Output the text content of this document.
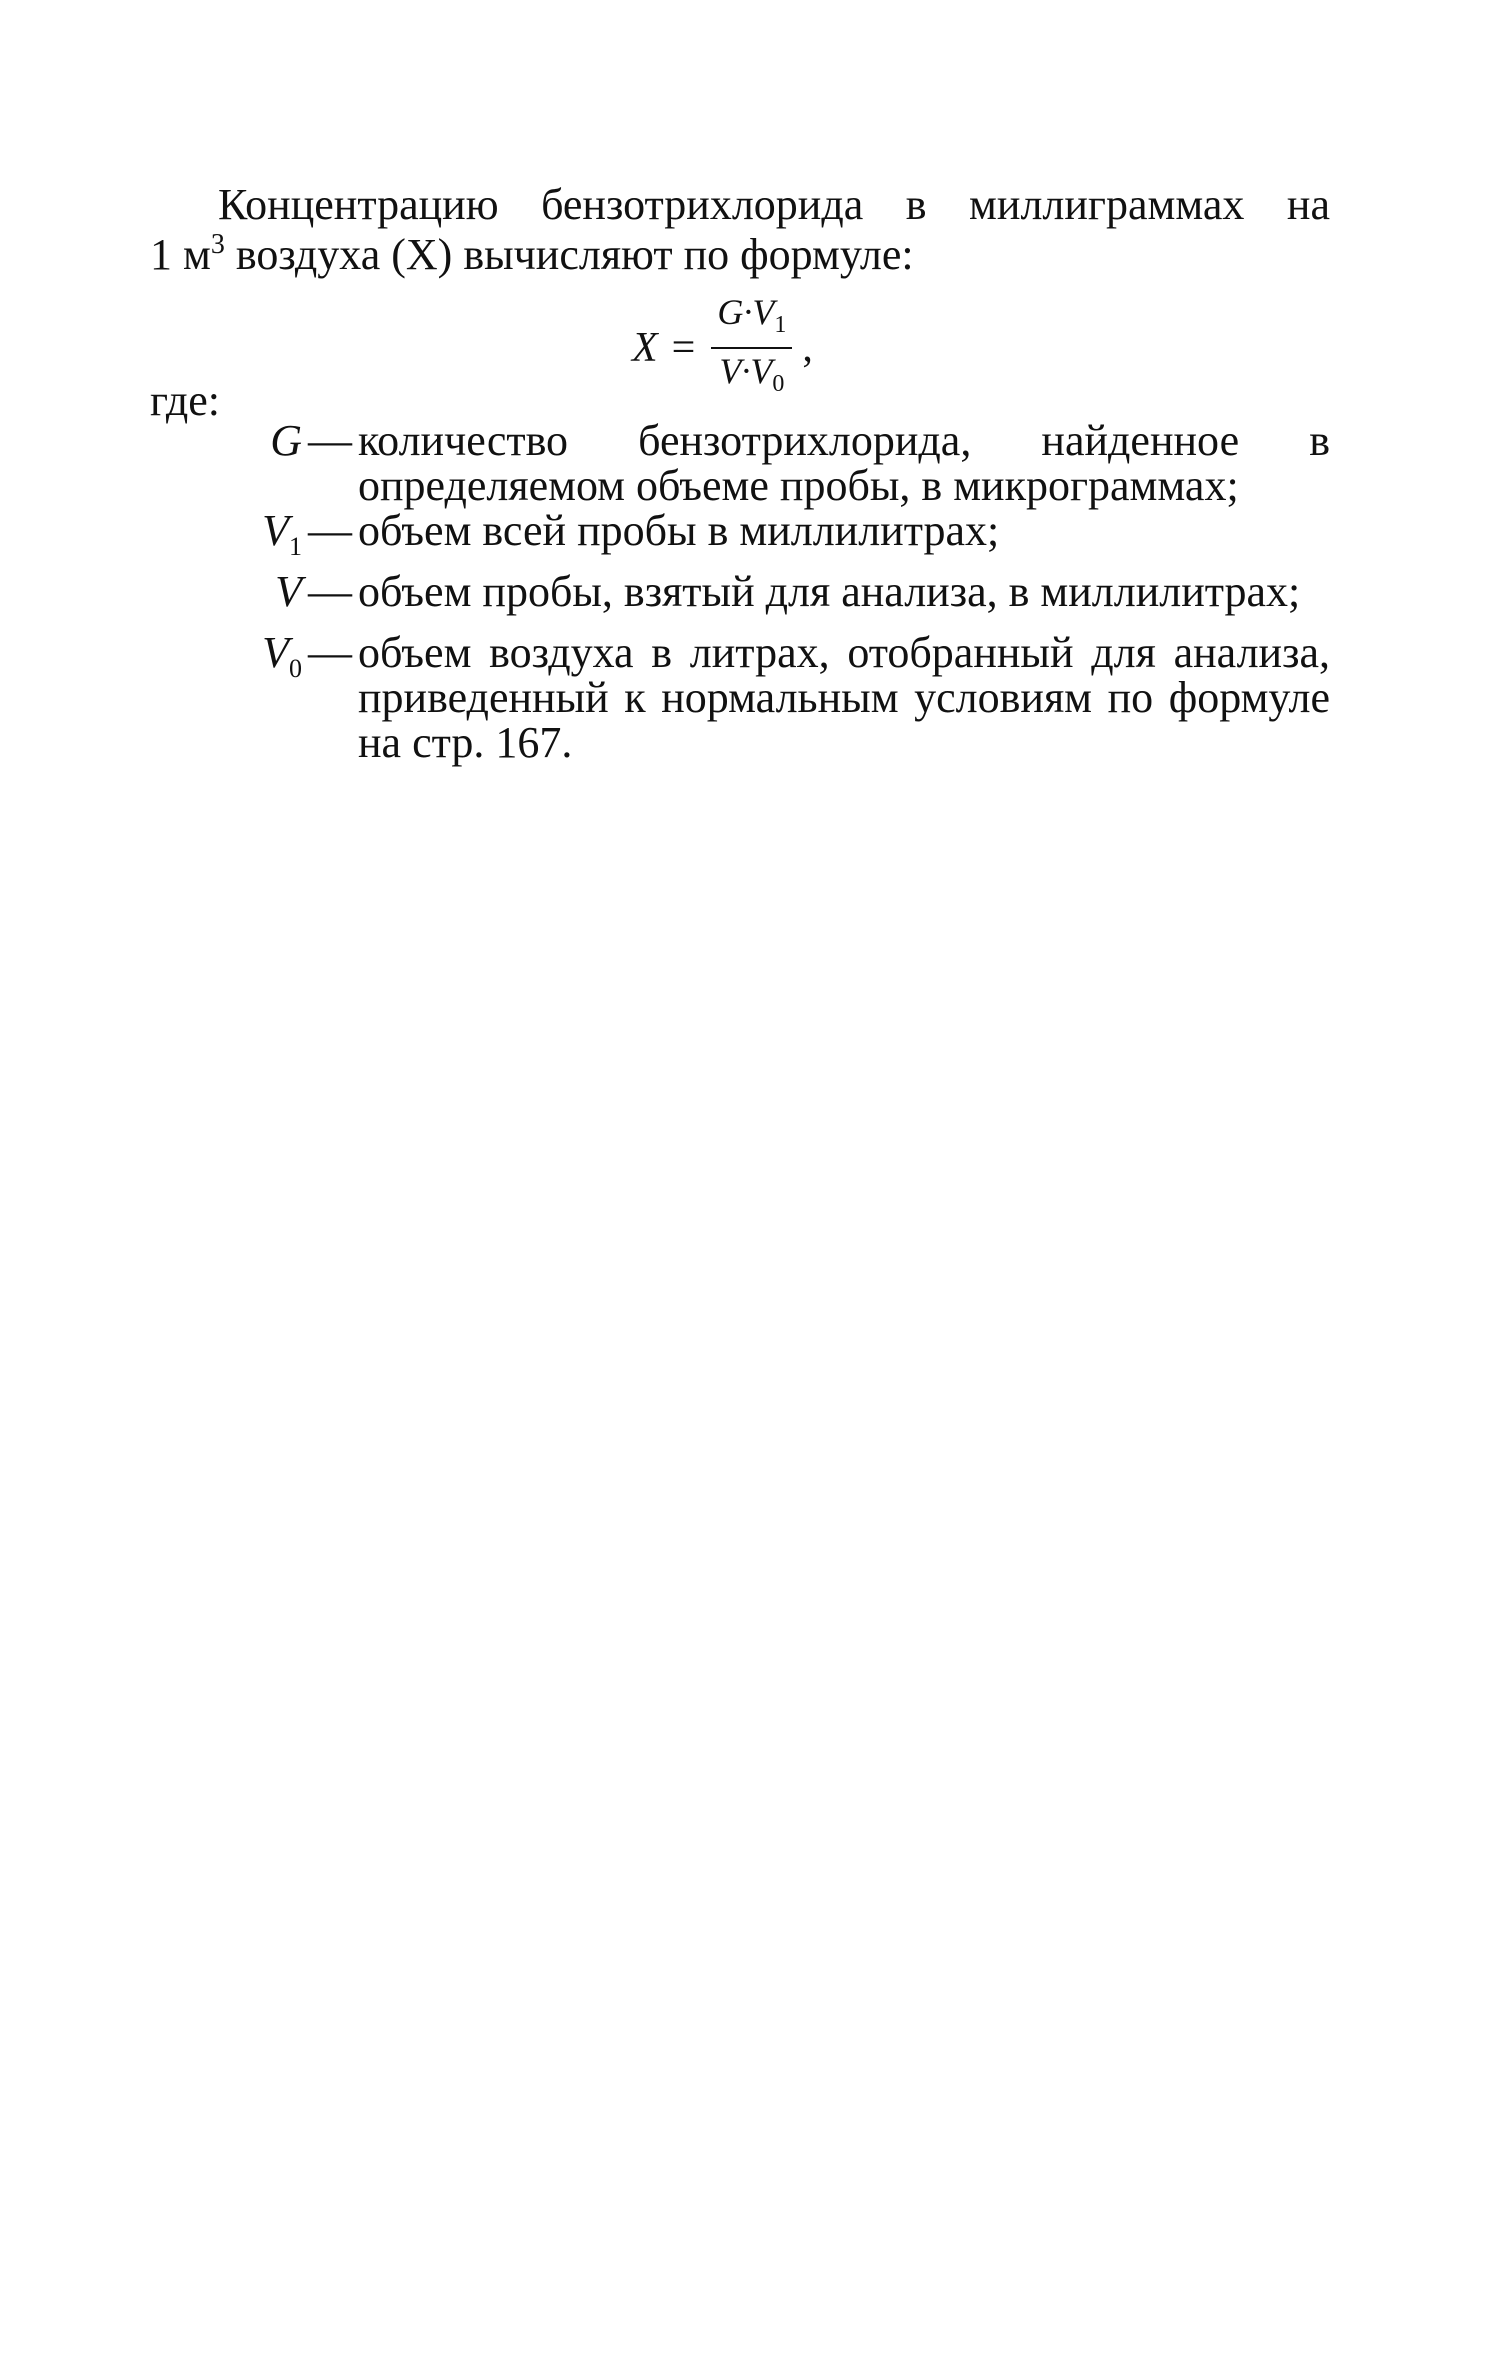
Концентрацию бензотрихлорида в миллиграммах на
1 $м^3$ воздуха (X) вычисляют по формуле:
$X = \frac{G\cdot V_1}{V\cdot V_0}$ ,
где:
G — количество бензотрихлорида, найденное в определяемом объеме пробы, в микрограммах;
$V_1$ — объем всей пробы в миллилитрах;
V — объем пробы, взятый для анализа, в миллилитрах;
$V_0$ — объем воздуха в литрах, отобранный для анализа, приведенный к нормальным условиям по формуле на стр. 167.
